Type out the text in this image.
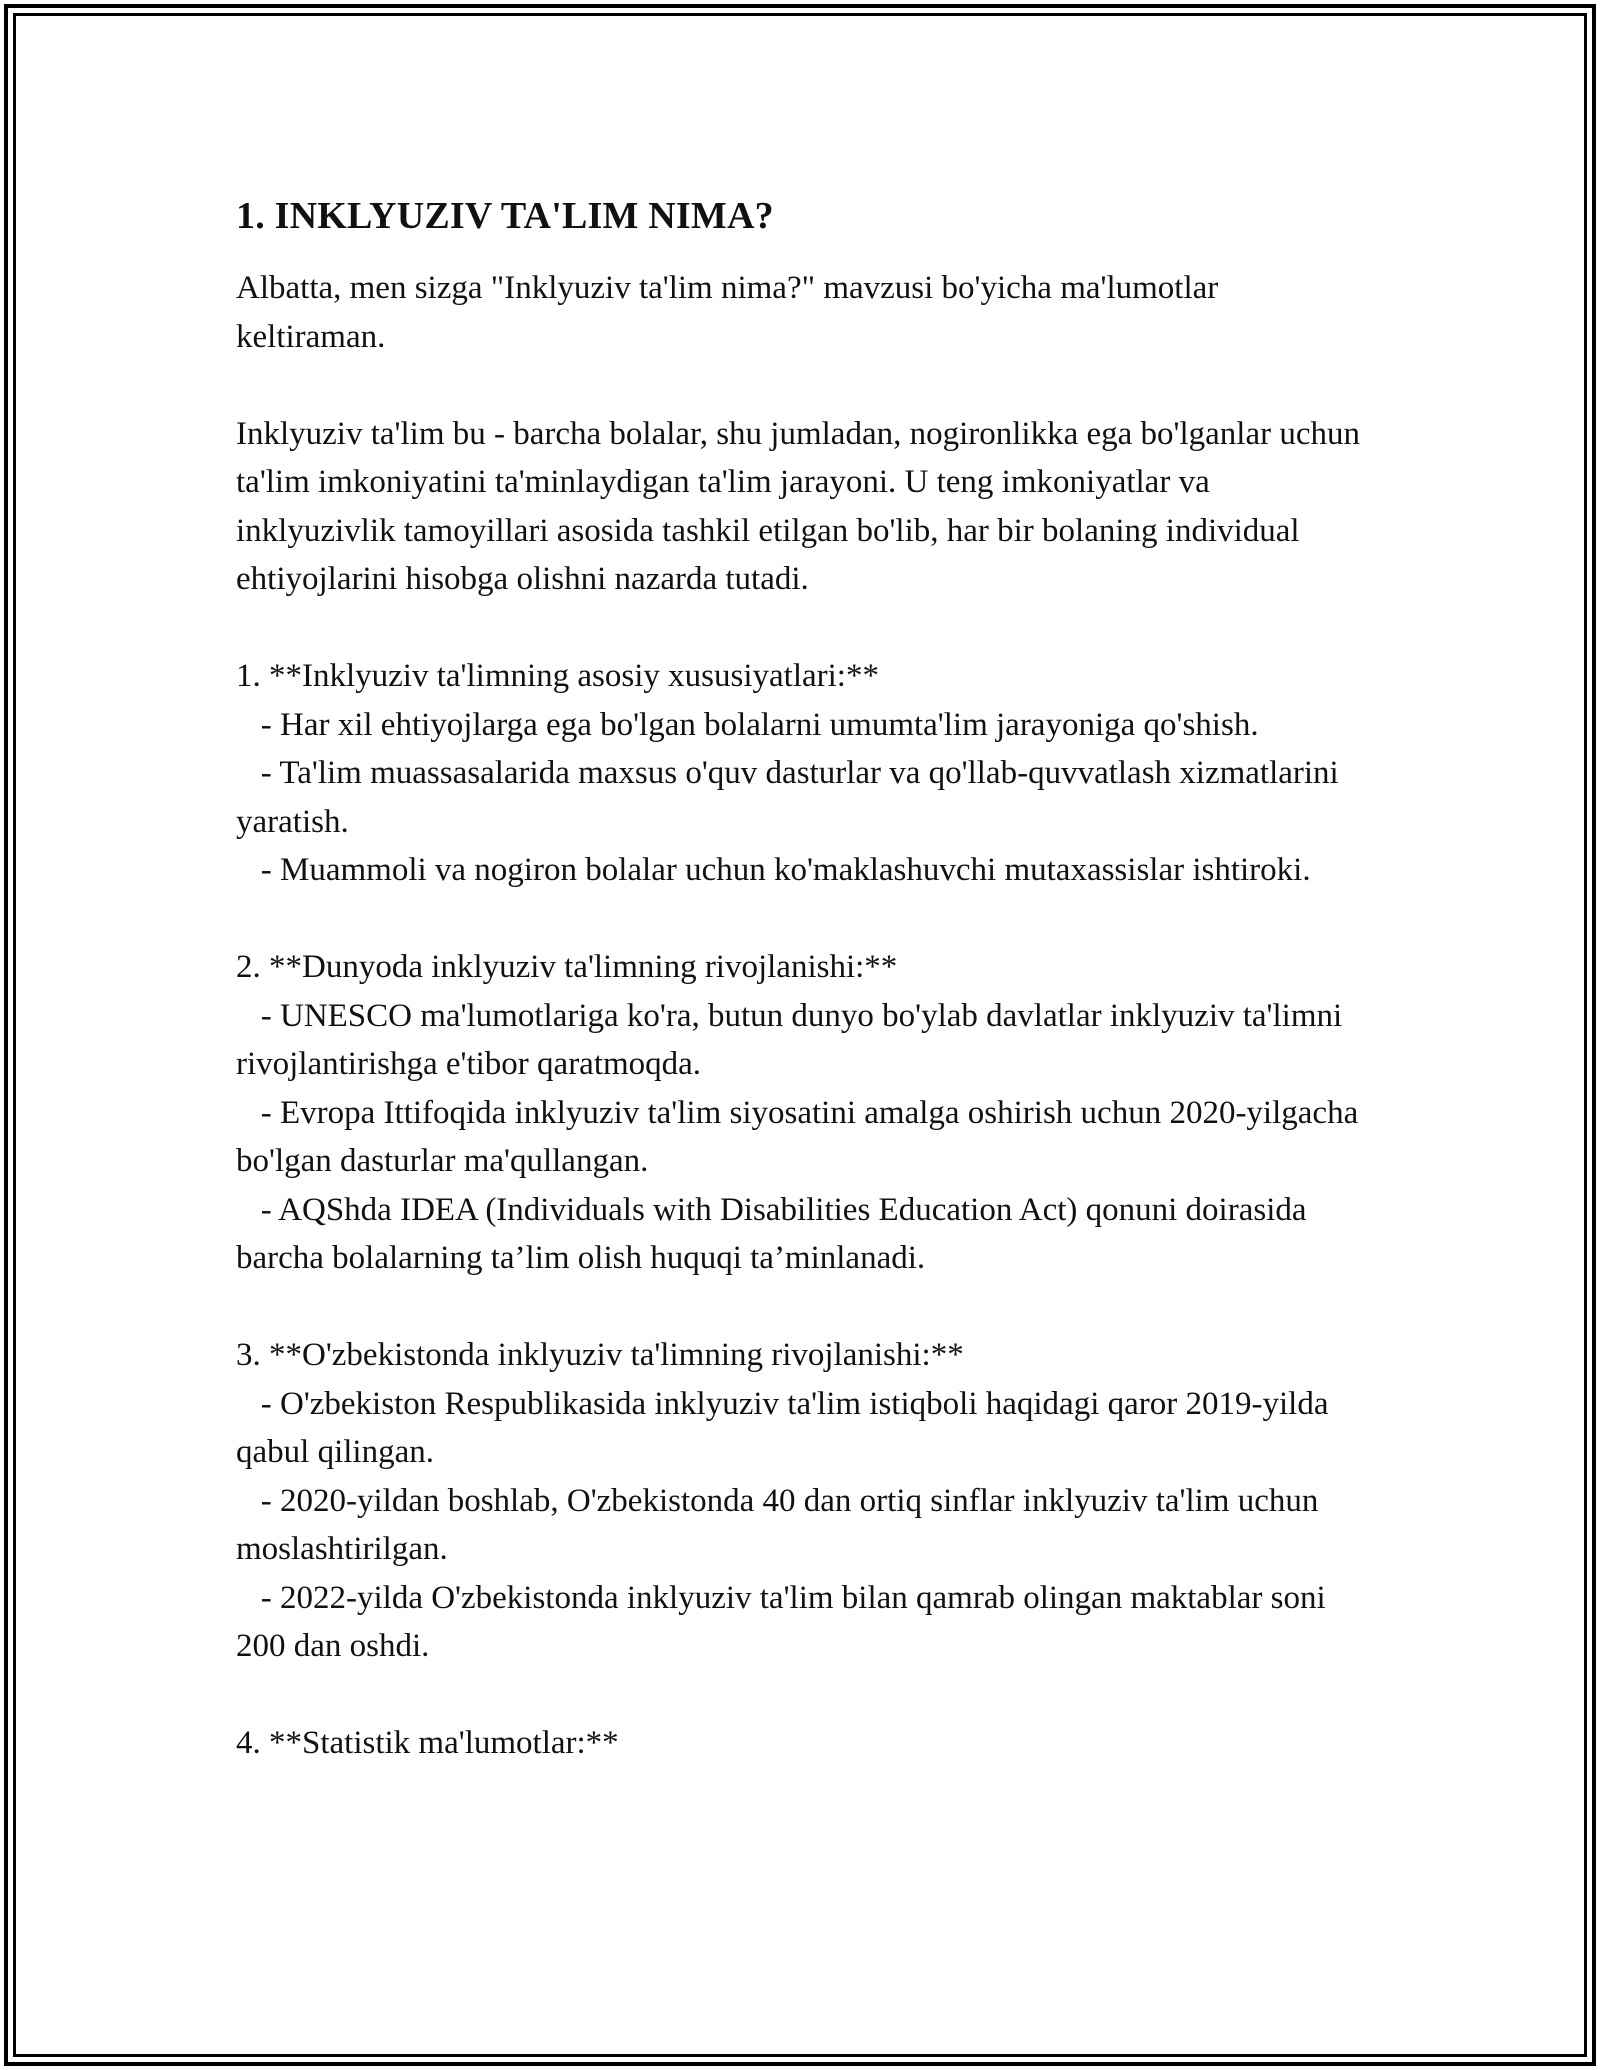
1. INKLYUZIV TA'LIM NIMA?

Albatta, men sizga "Inklyuziv ta'lim nima?" mavzusi bo'yicha ma'lumotlar keltiraman.

Inklyuziv ta'lim bu - barcha bolalar, shu jumladan, nogironlikka ega bo'lganlar uchun ta'lim imkoniyatini ta'minlaydigan ta'lim jarayoni. U teng imkoniyatlar va inklyuzivlik tamoyillari asosida tashkil etilgan bo'lib, har bir bolaning individual ehtiyojlarini hisobga olishni nazarda tutadi.

1. **Inklyuziv ta'limning asosiy xususiyatlari:**

- Har xil ehtiyojlarga ega bo'lgan bolalarni umumta'lim jarayoniga qo'shish.

- Ta'lim muassasalarida maxsus o'quv dasturlar va qo'llab-quvvatlash xizmatlarini yaratish.

- Muammoli va nogiron bolalar uchun ko'maklashuvchi mutaxassislar ishtiroki.

2. **Dunyoda inklyuziv ta'limning rivojlanishi:**

- UNESCO ma'lumotlariga ko'ra, butun dunyo bo'ylab davlatlar inklyuziv ta'limni rivojlantirishga e'tibor qaratmoqda.

- Evropa Ittifoqida inklyuziv ta'lim siyosatini amalga oshirish uchun 2020-yilgacha bo'lgan dasturlar ma'qullangan.

- AQShda IDEA (Individuals with Disabilities Education Act) qonuni doirasida barcha bolalarning ta’lim olish huquqi ta’minlanadi.

3. **O'zbekistonda inklyuziv ta'limning rivojlanishi:**

- O'zbekiston Respublikasida inklyuziv ta'lim istiqboli haqidagi qaror 2019-yilda qabul qilingan.

- 2020-yildan boshlab, O'zbekistonda 40 dan ortiq sinflar inklyuziv ta'lim uchun moslashtirilgan.

- 2022-yilda O'zbekistonda inklyuziv ta'lim bilan qamrab olingan maktablar soni 200 dan oshdi.

4. **Statistik ma'lumotlar:**
